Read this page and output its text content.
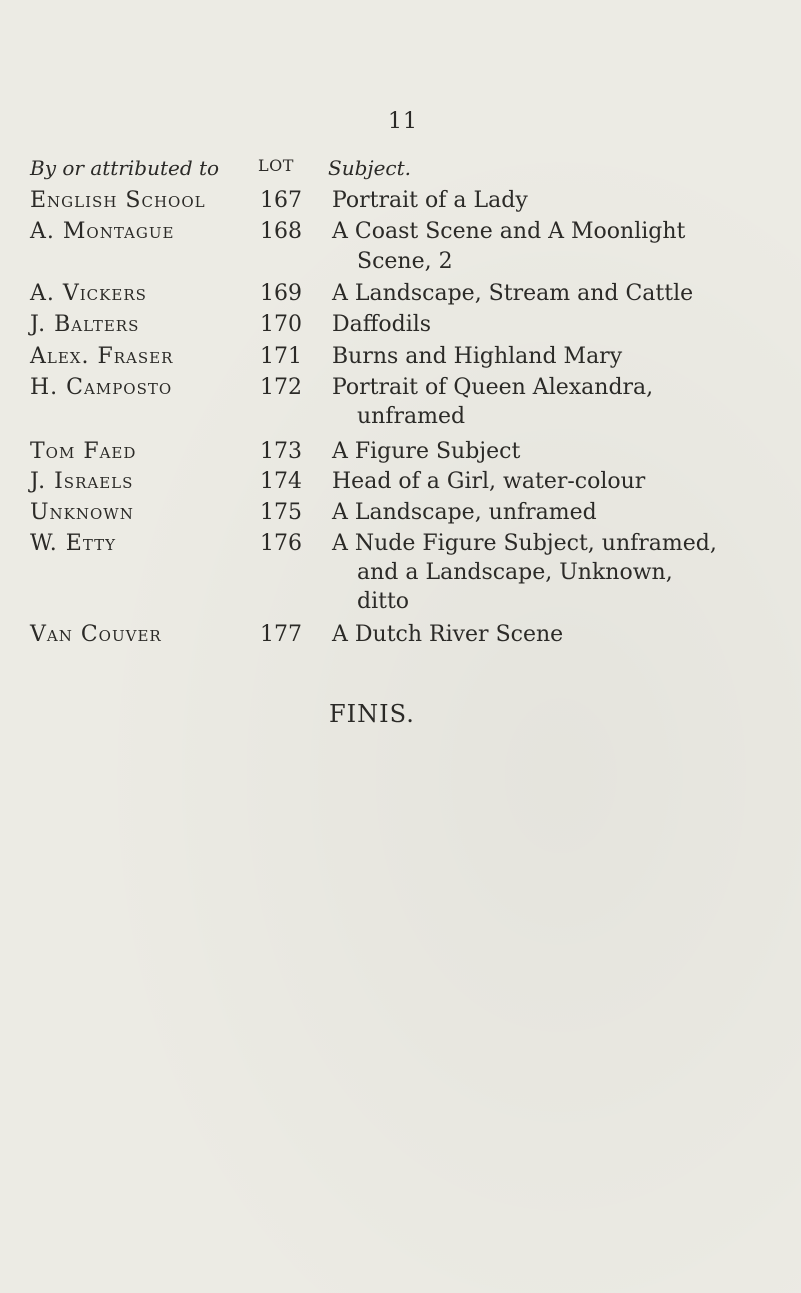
11
By or attributed to LOT Subject.
English School 167	Portrait of a Lady
A. Montague	168	A Coast Scene and A Moonlight
Scene, 2
A. Vickers	169	A Landscape, Stream and Cattle
J. Balters	170	Daffodils
Alex. Fraser	171	Burns and Highland Mary
H. Camposto	172	Portrait of Queen Alexandra,
unframed
Tom Faed	173	A Figure Subject
J. Israels	174	Head of a Girl, water-colour
Unknown	175	A Landscape, unframed
W. Etty	176	A Nude Figure Subject, unframed,
and a Landscape, Unknown,
ditto
Van Couver	177	A Dutch River Scene
FINIS.
